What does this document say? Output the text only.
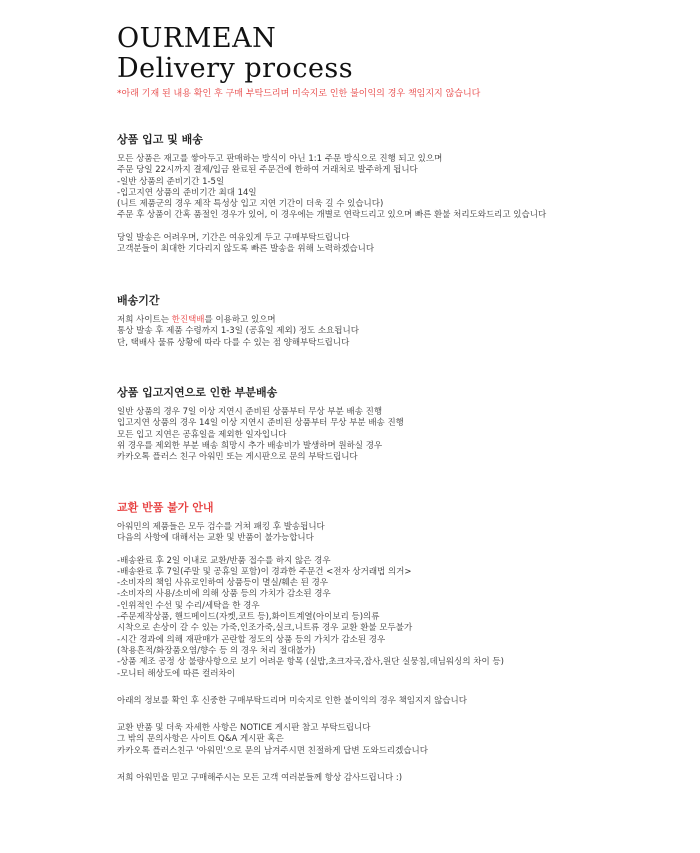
OURMEAN
Delivery process
*아래 기재 된 내용 확인 후 구매 부탁드리며 미숙지로 인한 불이익의 경우 책임지지 않습니다
상품 입고 및 배송
모든 상품은 재고를 쌓아두고 판매하는 방식이 아닌 1:1 주문 방식으로 진행 되고 있으며
주문 당일 22시까지 결제/입금 완료된 주문건에 한하여 거래처로 발주하게 됩니다
-일반 상품의 준비기간 1-5일
-입고지연 상품의 준비기간 최대 14일
(니트 제품군의 경우 제작 특성상 입고 지연 기간이 더욱 길 수 있습니다)
주문 후 상품이 간혹 품절인 경우가 있어, 이 경우에는 개별로 연락드리고 있으며 빠른 환불 처리도와드리고 있습니다
당일 발송은 어려우며, 기간은 여유있게 두고 구매부탁드립니다
고객분들이 최대한 기다리지 않도록 빠른 발송을 위해 노력하겠습니다
배송기간
저희 사이트는 한진택배를 이용하고 있으며
통상 발송 후 제품 수령까지 1-3일 (공휴일 제외) 정도 소요됩니다
단, 택배사 물류 상황에 따라 다를 수 있는 점 양해부탁드립니다
상품 입고지연으로 인한 부분배송
일반 상품의 경우 7일 이상 지연시 준비된 상품부터 무상 부분 배송 진행
입고지연 상품의 경우 14일 이상 지연시 준비된 상품부터 무상 부분 배송 진행
모든 입고 지연은 공휴일을 제외한 일자입니다
위 경우를 제외한 부분 배송 희망시 추가 배송비가 발생하며 원하실 경우
카카오톡 플러스 친구 아워민 또는 게시판으로 문의 부탁드립니다
교환 반품 불가 안내
아워민의 제품들은 모두 검수를 거쳐 패킹 후 발송됩니다
다음의 사항에 대해서는 교환 및 반품이 불가능합니다
-배송완료 후 2일 이내로 교환/반품 접수를 하지 않은 경우
-배송완료 후 7일(주말 및 공휴일 포함)이 경과한 주문건 <전자 상거래법 의거>
-소비자의 책임 사유로인하여 상품등이 멸실/훼손 된 경우
-소비자의 사용/소비에 의해 상품 등의 가치가 감소된 경우
-인위적인 수선 및 수리/세탁을 한 경우
-주문제작상품, 핸드메이드(자켓,코트 등),화이트계열(아이보리 등)의류
시착으로 손상이 갈 수 있는 가죽,인조가죽,실크,니트류 경우 교환 환불 모두불가
-시간 경과에 의해 재판매가 곤란할 정도의 상품 등의 가치가 감소된 경우
(착용흔적/화장품오염/향수 등 의 경우 처리 절대불가)
-상품 제조 공정 상 불량사항으로 보기 어려운 항목 (실밥,초크자국,잡사,원단 실뭉침,데님워싱의 차이 등)
-모니터 해상도에 따른 컬러차이
아래의 정보를 확인 후 신중한 구매부탁드리며 미숙지로 인한 불이익의 경우 책임지지 않습니다
교환 반품 및 더욱 자세한 사항은 NOTICE 게시판 참고 부탁드립니다
그 밖의 문의사항은 사이트 Q&A 게시판 혹은
카카오톡 플러스친구 '아워민'으로 문의 남겨주시면 친절하게 답변 도와드리겠습니다
저희 아워민을 믿고 구매해주시는 모든 고객 여러분들께 항상 감사드립니다 :)
